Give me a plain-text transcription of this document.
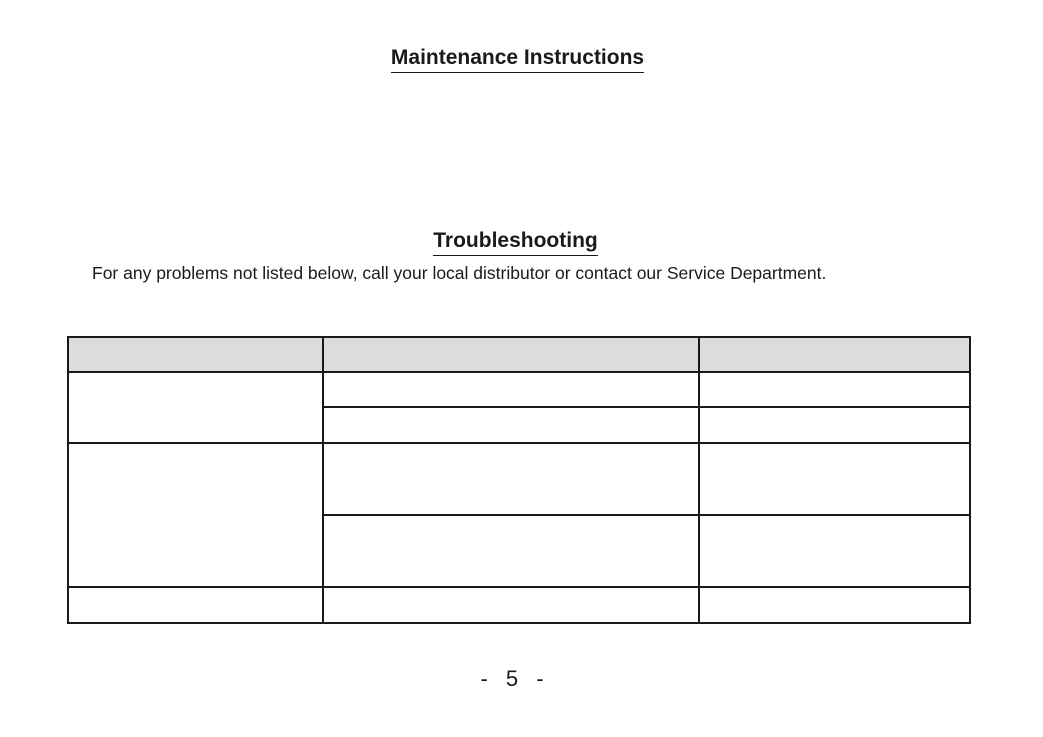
Maintenance Instructions
Troubleshooting

For any problems not listed below, call your local distributor or contact our Service Department.

- 5 -
